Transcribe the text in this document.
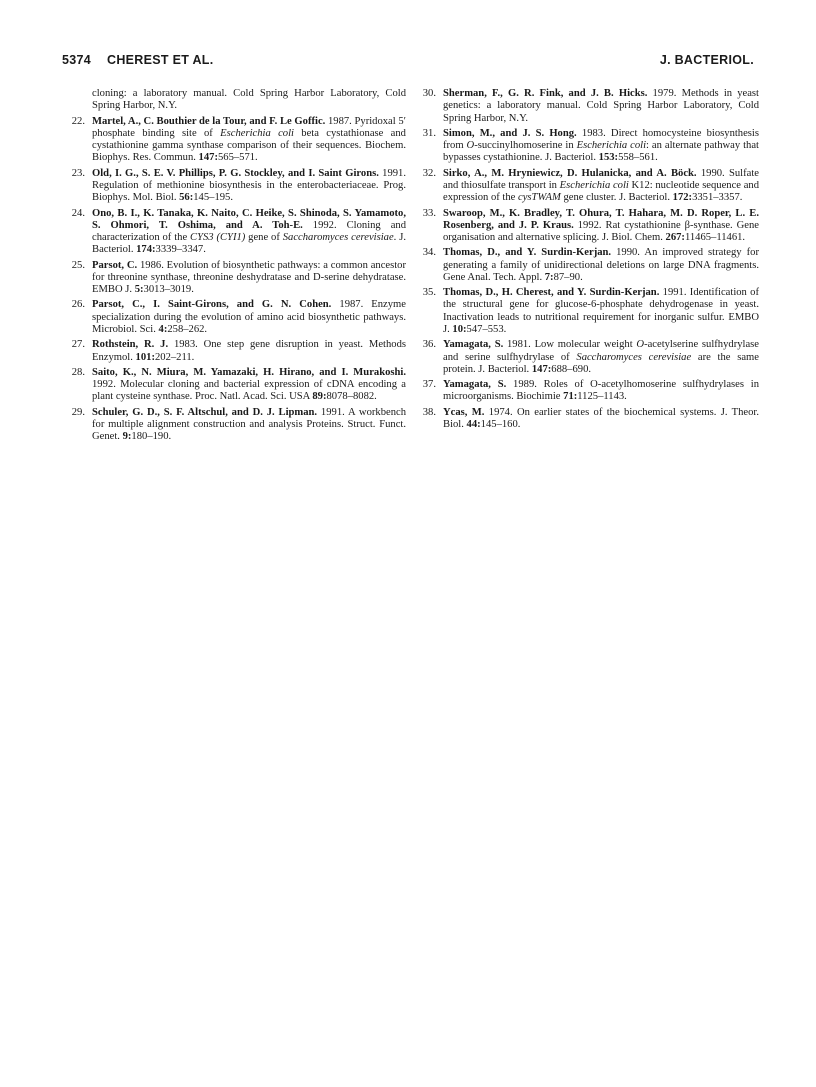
5374 CHEREST ET AL.	J. BACTERIOL.
cloning: a laboratory manual. Cold Spring Harbor Laboratory, Cold Spring Harbor, N.Y.
22. Martel, A., C. Bouthier de la Tour, and F. Le Goffic. 1987. Pyridoxal 5′ phosphate binding site of Escherichia coli beta cystathionase and cystathionine gamma synthase comparison of their sequences. Biochem. Biophys. Res. Commun. 147:565–571.
23. Old, I. G., S. E. V. Phillips, P. G. Stockley, and I. Saint Girons. 1991. Regulation of methionine biosynthesis in the enterobacteriaceae. Prog. Biophys. Mol. Biol. 56:145–195.
24. Ono, B. I., K. Tanaka, K. Naito, C. Heike, S. Shinoda, S. Yamamoto, S. Ohmori, T. Oshima, and A. Toh-E. 1992. Cloning and characterization of the CYS3 (CYI1) gene of Saccharomyces cerevisiae. J. Bacteriol. 174:3339–3347.
25. Parsot, C. 1986. Evolution of biosynthetic pathways: a common ancestor for threonine synthase, threonine deshydratase and D-serine dehydratase. EMBO J. 5:3013–3019.
26. Parsot, C., I. Saint-Girons, and G. N. Cohen. 1987. Enzyme specialization during the evolution of amino acid biosynthetic pathways. Microbiol. Sci. 4:258–262.
27. Rothstein, R. J. 1983. One step gene disruption in yeast. Methods Enzymol. 101:202–211.
28. Saito, K., N. Miura, M. Yamazaki, H. Hirano, and I. Murakoshi. 1992. Molecular cloning and bacterial expression of cDNA encoding a plant cysteine synthase. Proc. Natl. Acad. Sci. USA 89:8078–8082.
29. Schuler, G. D., S. F. Altschul, and D. J. Lipman. 1991. A workbench for multiple alignment construction and analysis Proteins. Struct. Funct. Genet. 9:180–190.
30. Sherman, F., G. R. Fink, and J. B. Hicks. 1979. Methods in yeast genetics: a laboratory manual. Cold Spring Harbor Laboratory, Cold Spring Harbor, N.Y.
31. Simon, M., and J. S. Hong. 1983. Direct homocysteine biosynthesis from O-succinylhomoserine in Escherichia coli: an alternate pathway that bypasses cystathionine. J. Bacteriol. 153:558–561.
32. Sirko, A., M. Hryniewicz, D. Hulanicka, and A. Böck. 1990. Sulfate and thiosulfate transport in Escherichia coli K12: nucleotide sequence and expression of the cysTWAM gene cluster. J. Bacteriol. 172:3351–3357.
33. Swaroop, M., K. Bradley, T. Ohura, T. Hahara, M. D. Roper, L. E. Rosenberg, and J. P. Kraus. 1992. Rat cystathionine β-synthase. Gene organisation and alternative splicing. J. Biol. Chem. 267:11465–11461.
34. Thomas, D., and Y. Surdin-Kerjan. 1990. An improved strategy for generating a family of unidirectional deletions on large DNA fragments. Gene Anal. Tech. Appl. 7:87–90.
35. Thomas, D., H. Cherest, and Y. Surdin-Kerjan. 1991. Identification of the structural gene for glucose-6-phosphate dehydrogenase in yeast. Inactivation leads to nutritional requirement for inorganic sulfur. EMBO J. 10:547–553.
36. Yamagata, S. 1981. Low molecular weight O-acetylserine sulfhydrylase and serine sulfhydrylase of Saccharomyces cerevisiae are the same protein. J. Bacteriol. 147:688–690.
37. Yamagata, S. 1989. Roles of O-acetylhomoserine sulfhydrylases in microorganisms. Biochimie 71:1125–1143.
38. Ycas, M. 1974. On earlier states of the biochemical systems. J. Theor. Biol. 44:145–160.
